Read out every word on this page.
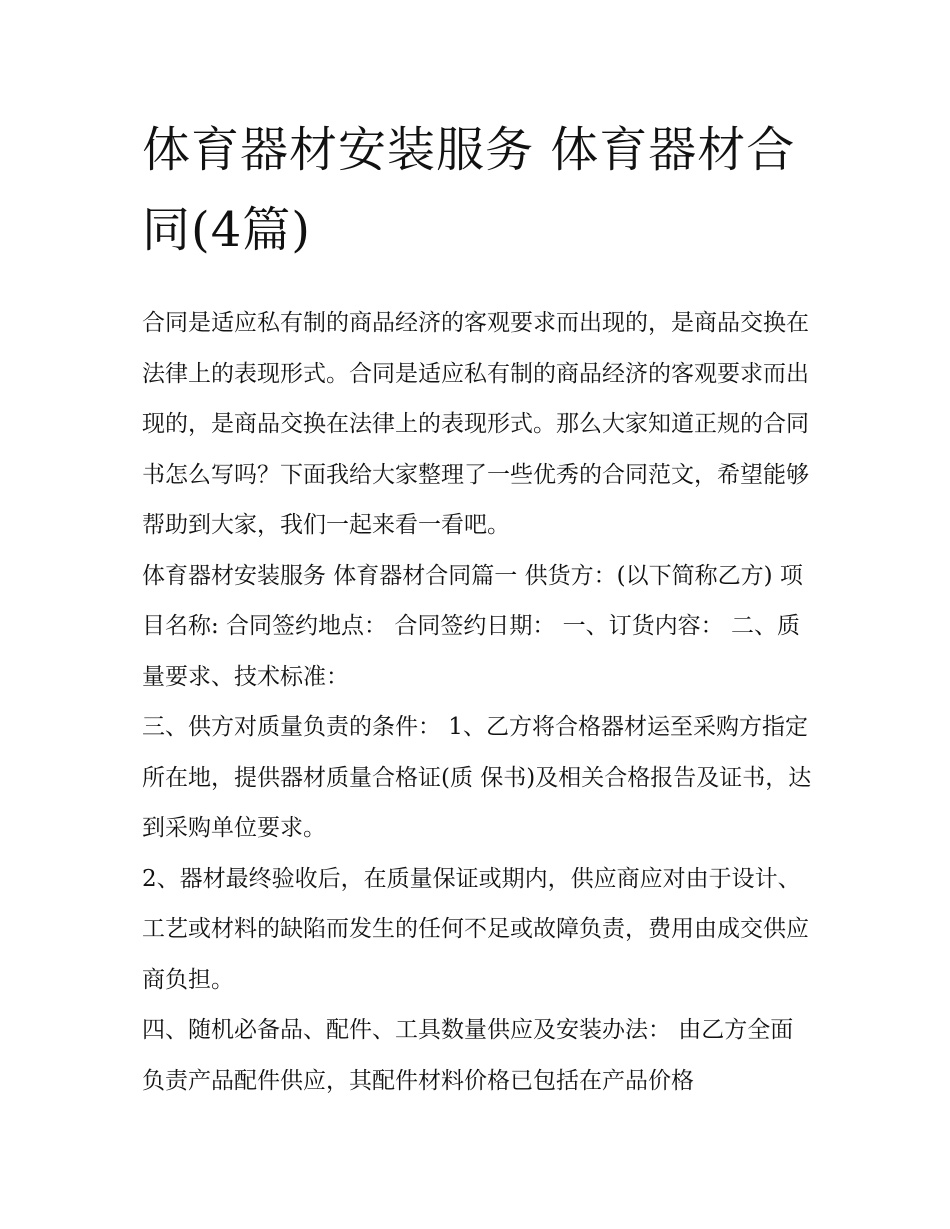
体育器材安装服务 体育器材合同(4篇)

合同是适应私有制的商品经济的客观要求而出现的，是商品交换在法律上的表现形式。合同是适应私有制的商品经济的客观要求而出现的，是商品交换在法律上的表现形式。那么大家知道正规的合同书怎么写吗？下面我给大家整理了一些优秀的合同范文，希望能够帮助到大家，我们一起来看一看吧。

体育器材安装服务 体育器材合同篇一 供货方：(以下简称乙方) 项目名称: 合同签约地点： 合同签约日期： 一、订货内容： 二、质量要求、技术标准：

三、供方对质量负责的条件： 1、乙方将合格器材运至采购方指定所在地，提供器材质量合格证(质 保书)及相关合格报告及证书，达到采购单位要求。

2、器材最终验收后，在质量保证或期内，供应商应对由于设计、工艺或材料的缺陷而发生的任何不足或故障负责，费用由成交供应商负担。

四、随机必备品、配件、工具数量供应及安装办法： 由乙方全面负责产品配件供应，其配件材料价格已包括在产品价格
